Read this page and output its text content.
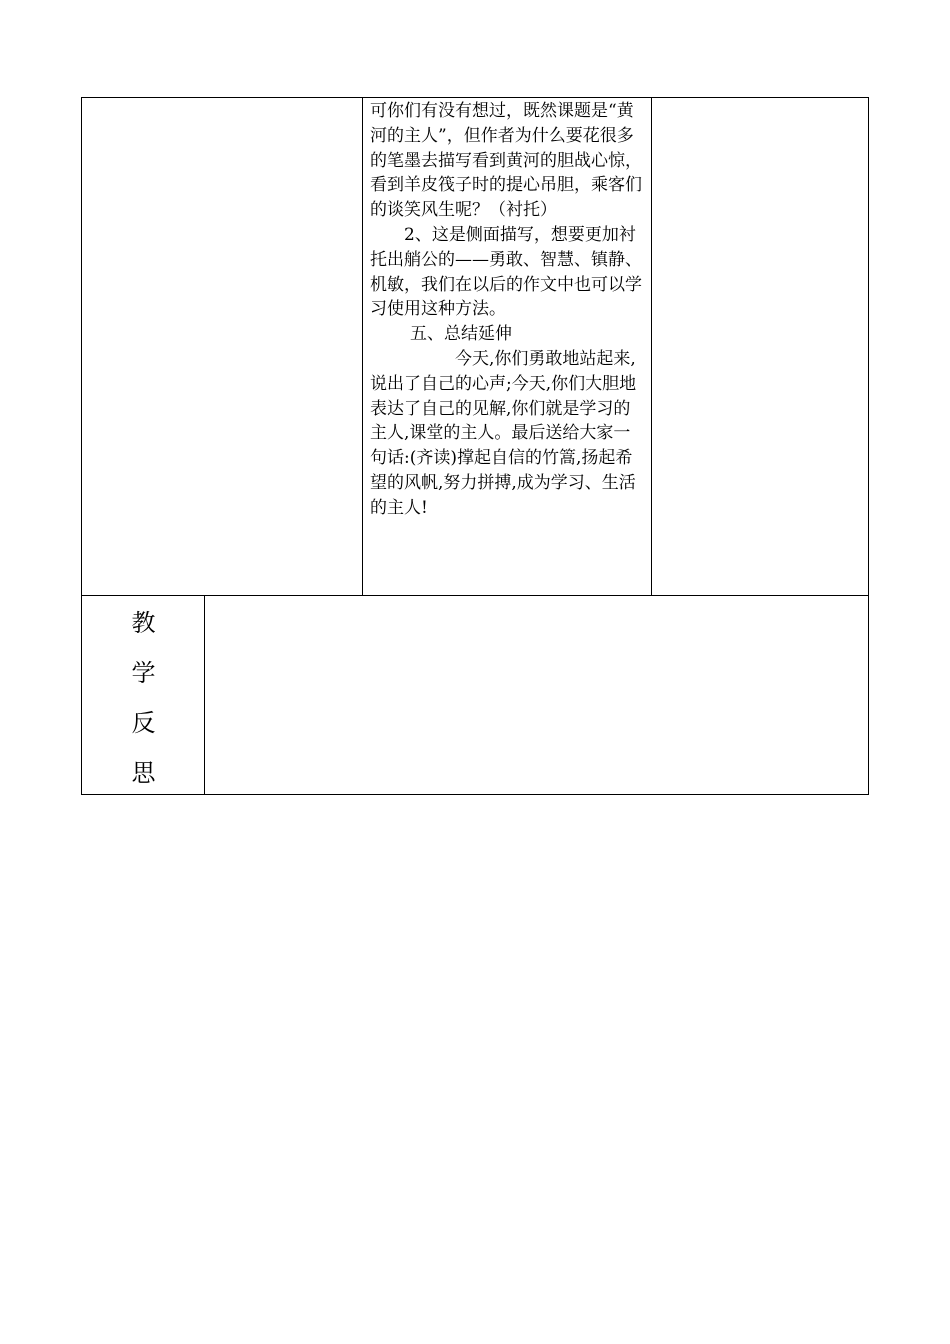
可你们有没有想过，既然课题是“黄河的主人”，但作者为什么要花很多的笔墨去描写看到黄河的胆战心惊，看到羊皮筏子时的提心吊胆，乘客们的谈笑风生呢？（衬托）

2、这是侧面描写，想要更加衬托出艄公的——勇敢、智慧、镇静、机敏，我们在以后的作文中也可以学习使用这种方法。

五、总结延伸

今天,你们勇敢地站起来,说出了自己的心声;今天,你们大胆地表达了自己的见解,你们就是学习的主人,课堂的主人。最后送给大家一句话:(齐读)撑起自信的竹篙,扬起希望的风帆,努力拼搏,成为学习、生活的主人!

教
学
反
思
